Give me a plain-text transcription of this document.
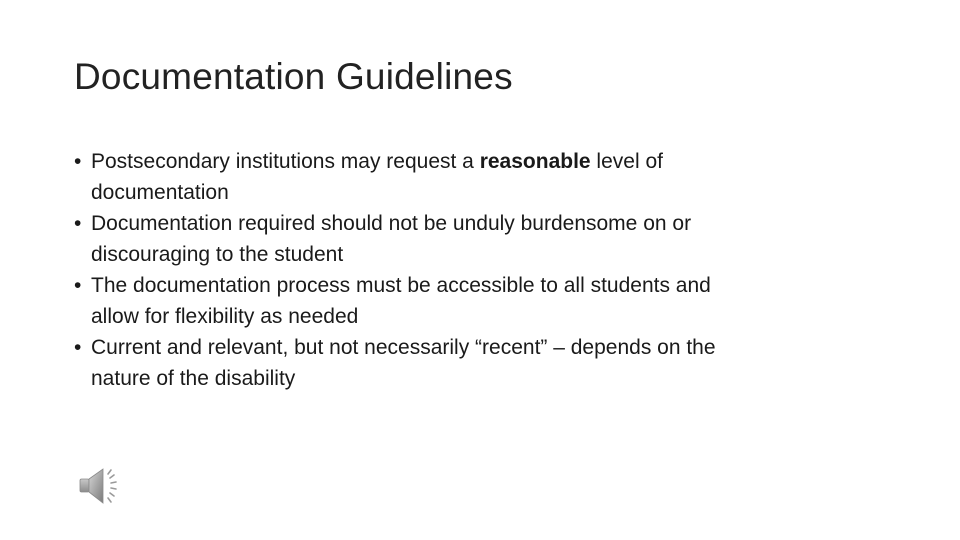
Documentation Guidelines
• Postsecondary institutions may request a reasonable level of
documentation
• Documentation required should not be unduly burdensome on or
discouraging to the student
• The documentation process must be accessible to all students and
allow for flexibility as needed
• Current and relevant, but not necessarily “recent” – depends on the
nature of the disability
